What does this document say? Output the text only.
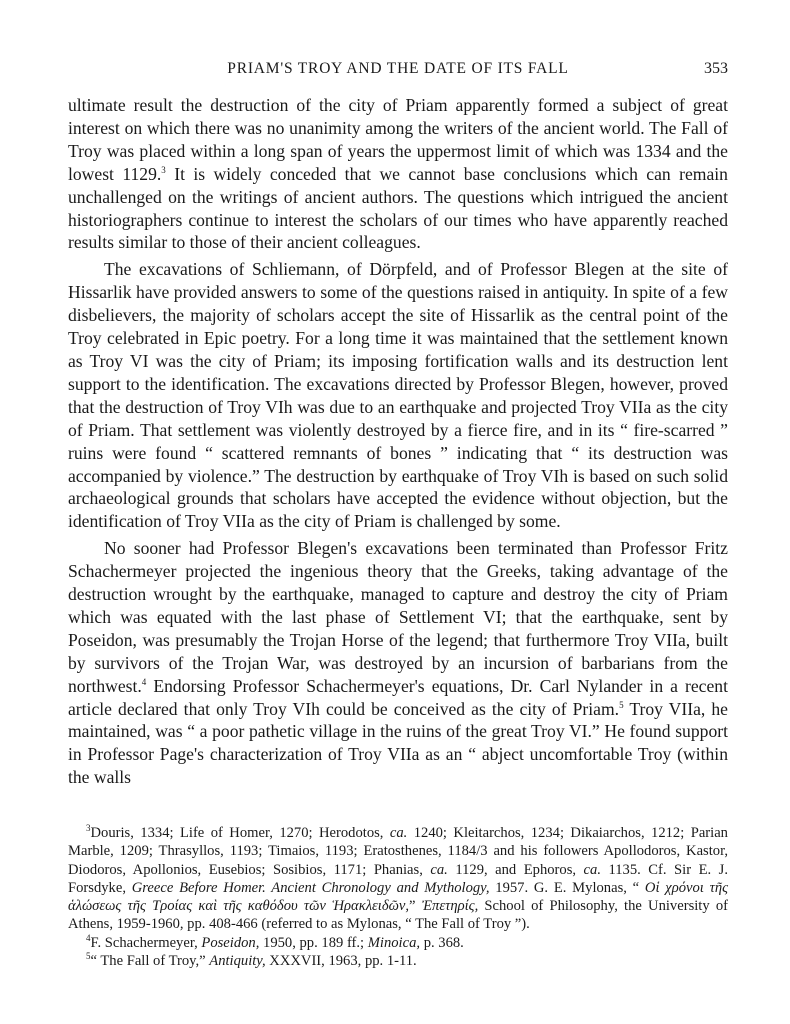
PRIAM'S TROY AND THE DATE OF ITS FALL	353

ultimate result the destruction of the city of Priam apparently formed a subject of great interest on which there was no unanimity among the writers of the ancient world. The Fall of Troy was placed within a long span of years the uppermost limit of which was 1334 and the lowest 1129.$^3$ It is widely conceded that we cannot base conclusions which can remain unchallenged on the writings of ancient authors. The questions which intrigued the ancient historiographers continue to interest the scholars of our times who have apparently reached results similar to those of their ancient colleagues.

The excavations of Schliemann, of Dörpfeld, and of Professor Blegen at the site of Hissarlik have provided answers to some of the questions raised in antiquity. In spite of a few disbelievers, the majority of scholars accept the site of Hissarlik as the central point of the Troy celebrated in Epic poetry. For a long time it was maintained that the settlement known as Troy VI was the city of Priam; its imposing fortification walls and its destruction lent support to the identification. The excavations directed by Professor Blegen, however, proved that the destruction of Troy VIh was due to an earthquake and projected Troy VIIa as the city of Priam. That settlement was violently destroyed by a fierce fire, and in its “ fire-scarred ” ruins were found “ scattered remnants of bones ” indicating that “ its destruction was accompanied by violence.” The destruction by earthquake of Troy VIh is based on such solid archaeological grounds that scholars have accepted the evidence without objection, but the identification of Troy VIIa as the city of Priam is challenged by some.

No sooner had Professor Blegen's excavations been terminated than Professor Fritz Schachermeyer projected the ingenious theory that the Greeks, taking advantage of the destruction wrought by the earthquake, managed to capture and destroy the city of Priam which was equated with the last phase of Settlement VI; that the earthquake, sent by Poseidon, was presumably the Trojan Horse of the legend; that furthermore Troy VIIa, built by survivors of the Trojan War, was destroyed by an incursion of barbarians from the northwest.$^4$ Endorsing Professor Schachermeyer's equations, Dr. Carl Nylander in a recent article declared that only Troy VIh could be conceived as the city of Priam.$^5$ Troy VIIa, he maintained, was “ a poor pathetic village in the ruins of the great Troy VI.” He found support in Professor Page's characterization of Troy VIIa as an “ abject uncomfortable Troy (within the walls

$^3$Douris, 1334; Life of Homer, 1270; Herodotos, ca. 1240; Kleitarchos, 1234; Dikaiarchos, 1212; Parian Marble, 1209; Thrasyllos, 1193; Timaios, 1193; Eratosthenes, 1184/3 and his followers Apollodoros, Kastor, Diodoros, Apollonios, Eusebios; Sosibios, 1171; Phanias, ca. 1129, and Ephoros, ca. 1135. Cf. Sir E. J. Forsdyke, Greece Before Homer. Ancient Chronology and Mythology, 1957. G. E. Mylonas, “ Οἱ χρόνοι τῆς ἁλώσεως τῆς Τροίας καὶ τῆς καθόδου τῶν Ἡρακλειδῶν,” Ἐπετηρίς, School of Philosophy, the University of Athens, 1959-1960, pp. 408-466 (referred to as Mylonas, “ The Fall of Troy ”).

$^4$F. Schachermeyer, Poseidon, 1950, pp. 189 ff.; Minoica, p. 368.

$^5$“ The Fall of Troy,” Antiquity, XXXVII, 1963, pp. 1-11.
